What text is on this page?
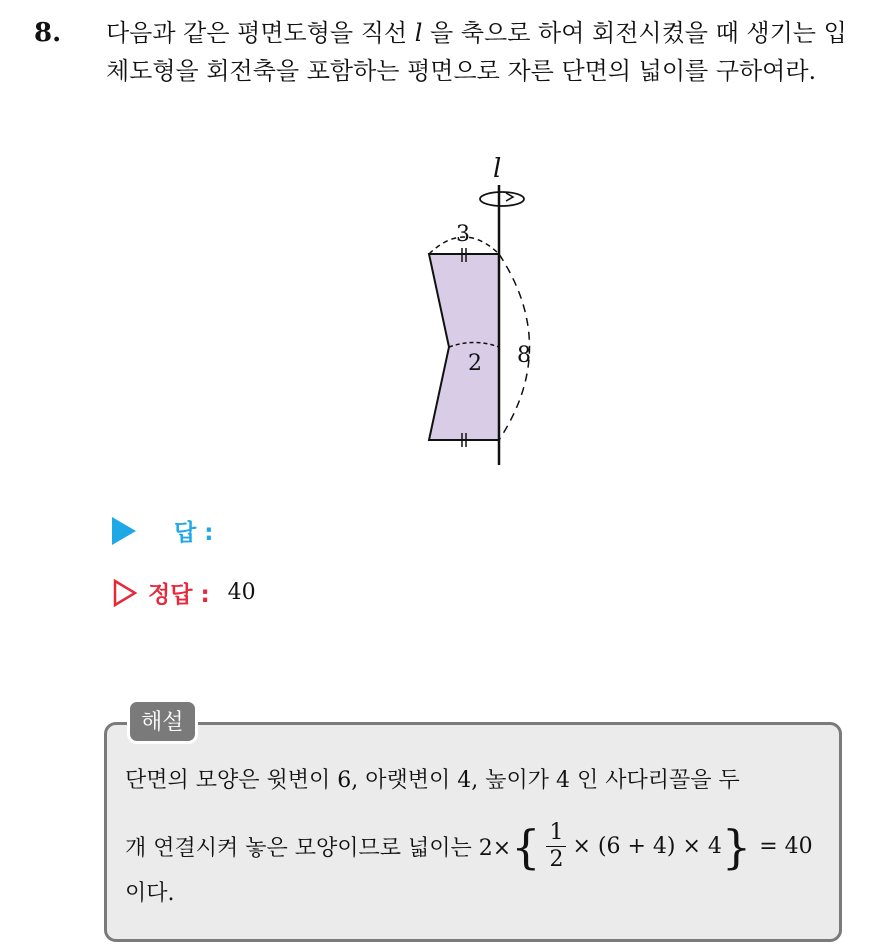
8. 다음과 같은 평면도형을 직선 l 을 축으로 하여 회전시켰을 때 생기는 입체도형을 회전축을 포함하는 평면으로 자른 단면의 넓이를 구하여라.
l
3
2 8
답 :
정답 : 40
해설
단면의 모양은 윗변이 6, 아랫변이 4, 높이가 4 인 사다리꼴을 두
개 연결시켜 놓은 모양이므로 넓이는 2× { $\frac{1}{2} \times (6 + 4) \times 4$ } = 40
이다.
